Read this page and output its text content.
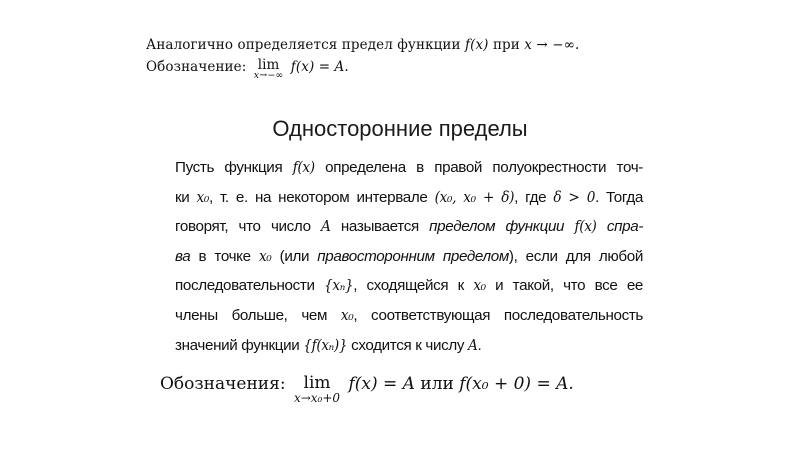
Аналогично определяется предел функции f(x) при x → −∞.
Обозначение: lim
x→−∞
f(x) = A.
Односторонние пределы
Пусть функция f(x) определена в правой полуокрестности точ-
ки x₀, т. е. на некотором интервале (x₀, x₀ + δ), где δ > 0. Тогда
говорят, что число A называется пределом функции f(x) спра-
ва в точке x₀ (или правосторонним пределом), если для любой
последовательности {xₙ}, сходящейся к x₀ и такой, что все ее
члены больше, чем x₀, соответствующая последовательность
значений функции {f(xₙ)} сходится к числу A.
Обозначения:	lim
x→x₀+0
f(x) = A или f(x₀ + 0) = A.
